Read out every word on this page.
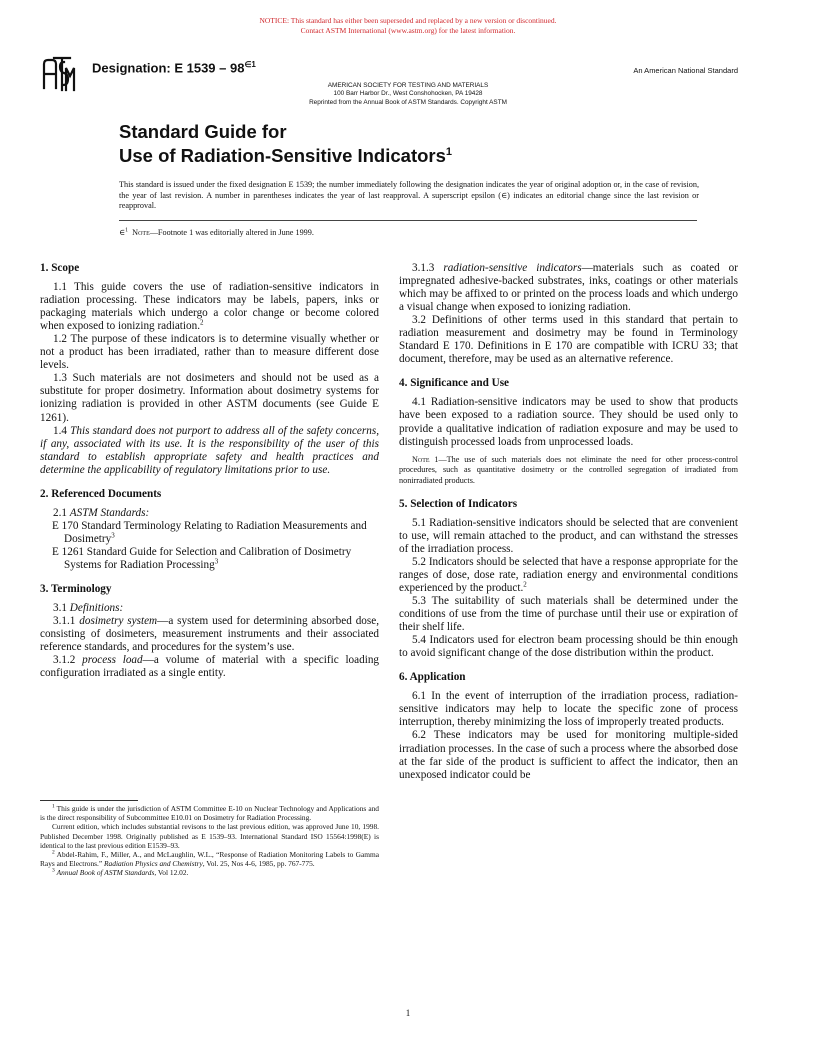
NOTICE: This standard has either been superseded and replaced by a new version or discontinued.
Contact ASTM International (www.astm.org) for the latest information.
Designation: E $1539 - 98^{\in 1}$
An American National Standard
AMERICAN SOCIETY FOR TESTING AND MATERIALS
100 Barr Harbor Dr., West Conshohocken, PA 19428
Reprinted from the Annual Book of ASTM Standards. Copyright ASTM
Standard Guide for
Use of Radiation-Sensitive Indicators$^1$
This standard is issued under the fixed designation E 1539; the number immediately following the designation indicates the year of original adoption or, in the case of revision, the year of last revision. A number in parentheses indicates the year of last reapproval. A superscript epsilon (∈) indicates an editorial change since the last revision or reapproval.
∈$^1$ Note—Footnote 1 was editorially altered in June 1999.
1. Scope

1.1 This guide covers the use of radiation-sensitive indicators in radiation processing. These indicators may be labels, papers, inks or packaging materials which undergo a color change or become colored when exposed to ionizing radiation.$^2$

1.2 The purpose of these indicators is to determine visually whether or not a product has been irradiated, rather than to measure different dose levels.

1.3 Such materials are not dosimeters and should not be used as a substitute for proper dosimetry. Information about dosimetry systems for ionizing radiation is provided in other ASTM documents (see Guide E 1261).

1.4 This standard does not purport to address all of the safety concerns, if any, associated with its use. It is the responsibility of the user of this standard to establish appropriate safety and health practices and determine the applicability of regulatory limitations prior to use.

2. Referenced Documents

2.1 ASTM Standards:

E 170 Standard Terminology Relating to Radiation Measurements and Dosimetry$^3$

E 1261 Standard Guide for Selection and Calibration of Dosimetry Systems for Radiation Processing$^3$

3. Terminology

3.1 Definitions:

3.1.1 dosimetry system—a system used for determining absorbed dose, consisting of dosimeters, measurement instruments and their associated reference standards, and procedures for the system’s use.

3.1.2 process load—a volume of material with a specific loading configuration irradiated as a single entity.

$^1$ This guide is under the jurisdiction of ASTM Committee E-10 on Nuclear Technology and Applications and is the direct responsibility of Subcommittee E10.01 on Dosimetry for Radiation Processing.

Current edition, which includes substantial revisons to the last previous edition, was approved June 10, 1998. Published December 1998. Originally published as E 1539–93. International Standard ISO 15564:1998(E) is identical to the last previous edition E1539–93.

$^2$ Abdel-Rahim, F., Miller, A., and McLaughlin, W.L., “Response of Radiation Monitoring Labels to Gamma Rays and Electrons.” Radiation Physics and Chemistry, Vol. 25, Nos 4-6, 1985, pp. 767-775.

$^3$ Annual Book of ASTM Standards, Vol 12.02.

3.1.3 radiation-sensitive indicators—materials such as coated or impregnated adhesive-backed substrates, inks, coatings or other materials which may be affixed to or printed on the process loads and which undergo a visual change when exposed to ionizing radiation.

3.2 Definitions of other terms used in this standard that pertain to radiation measurement and dosimetry may be found in Terminology Standard E 170. Definitions in E 170 are compatible with ICRU 33; that document, therefore, may be used as an alternative reference.

4. Significance and Use

4.1 Radiation-sensitive indicators may be used to show that products have been exposed to a radiation source. They should be used only to provide a qualitative indication of radiation exposure and may be used to distinguish processed loads from unprocessed loads.

Note 1—The use of such materials does not eliminate the need for other process-control procedures, such as quantitative dosimetry or the controlled segregation of irradiated from nonirradiated products.

5. Selection of Indicators

5.1 Radiation-sensitive indicators should be selected that are convenient to use, will remain attached to the product, and can withstand the stresses of the irradiation process.

5.2 Indicators should be selected that have a response appropriate for the ranges of dose, dose rate, radiation energy and environmental conditions experienced by the product.$^2$

5.3 The suitability of such materials shall be determined under the conditions of use from the time of purchase until their use or expiration of their shelf life.

5.4 Indicators used for electron beam processing should be thin enough to avoid significant change of the dose distribution within the product.

6. Application

6.1 In the event of interruption of the irradiation process, radiation-sensitive indicators may help to locate the specific zone of process interruption, thereby minimizing the loss of improperly treated products.

6.2 These indicators may be used for monitoring multiple-sided irradiation processes. In the case of such a process where the absorbed dose at the far side of the product is sufficient to affect the indicator, then an unexposed indicator could be

1
